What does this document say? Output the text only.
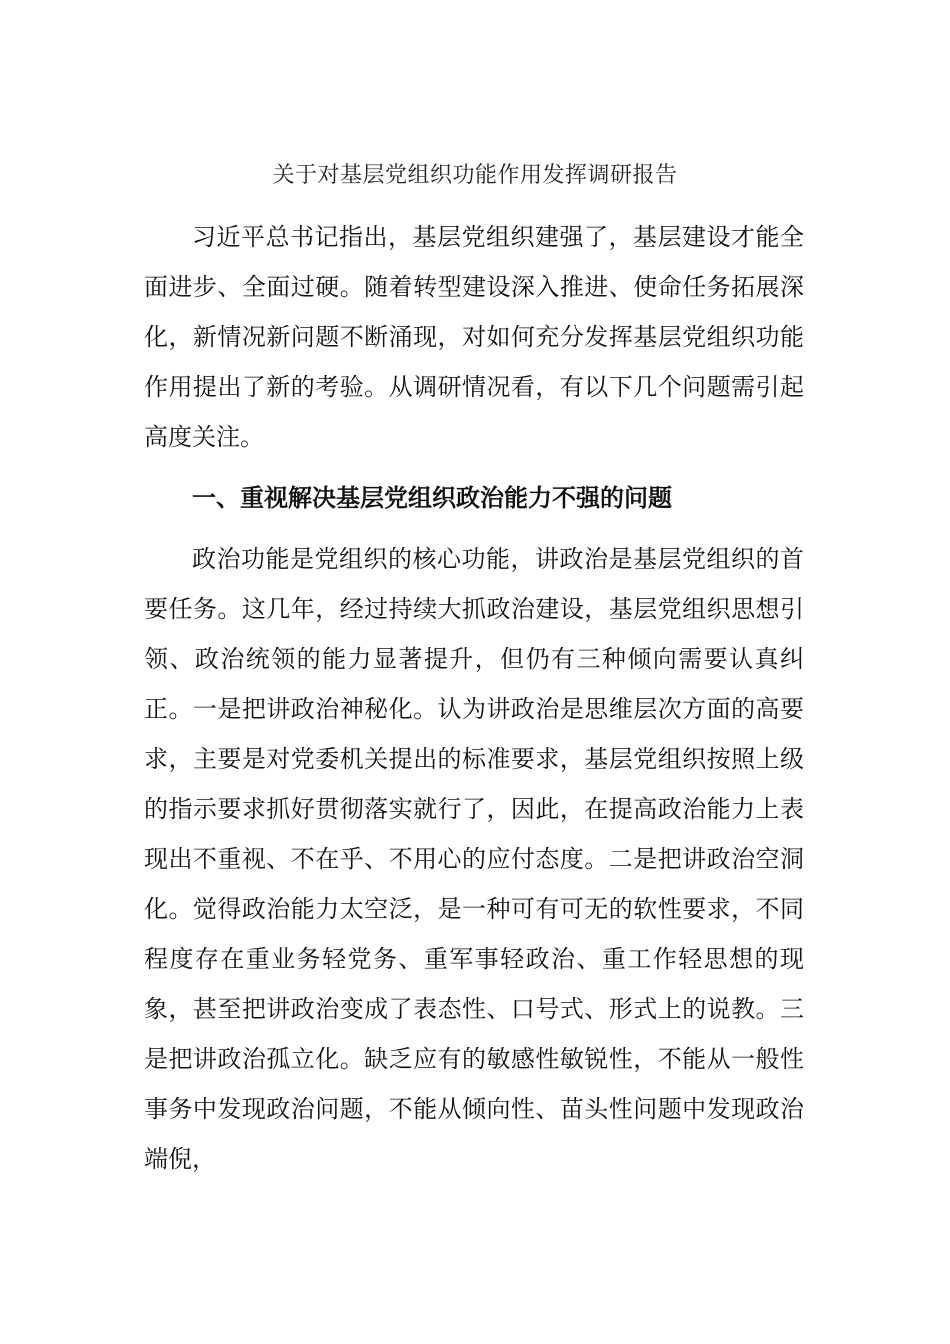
关于对基层党组织功能作用发挥调研报告

习近平总书记指出，基层党组织建强了，基层建设才能全面进步、全面过硬。随着转型建设深入推进、使命任务拓展深化，新情况新问题不断涌现，对如何充分发挥基层党组织功能作用提出了新的考验。从调研情况看，有以下几个问题需引起高度关注。

一、重视解决基层党组织政治能力不强的问题

政治功能是党组织的核心功能，讲政治是基层党组织的首要任务。这几年，经过持续大抓政治建设，基层党组织思想引领、政治统领的能力显著提升，但仍有三种倾向需要认真纠正。一是把讲政治神秘化。认为讲政治是思维层次方面的高要求，主要是对党委机关提出的标准要求，基层党组织按照上级的指示要求抓好贯彻落实就行了，因此，在提高政治能力上表现出不重视、不在乎、不用心的应付态度。二是把讲政治空洞化。觉得政治能力太空泛，是一种可有可无的软性要求，不同程度存在重业务轻党务、重军事轻政治、重工作轻思想的现象，甚至把讲政治变成了表态性、口号式、形式上的说教。三是把讲政治孤立化。缺乏应有的敏感性敏锐性，不能从一般性事务中发现政治问题，不能从倾向性、苗头性问题中发现政治端倪，
